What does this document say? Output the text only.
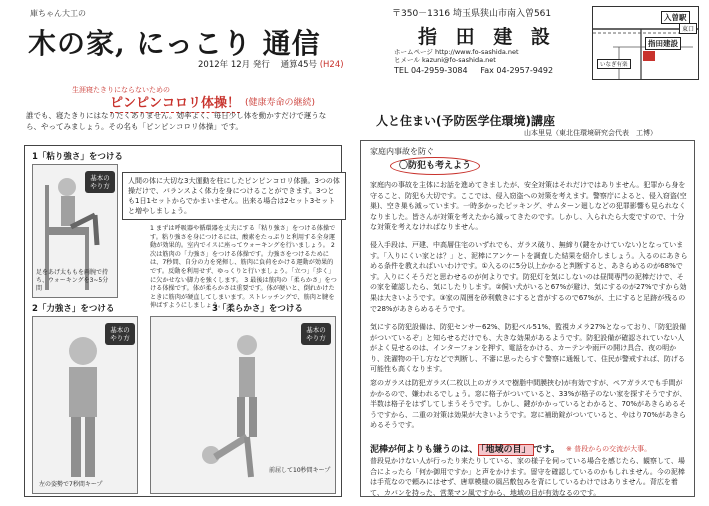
庫ちゃん大工の
木の家, にっこり 通信
2012年 12月 発行 通算45号 (H24)
〒350－1316 埼玉県狭山市南入曽561
指 田 建 設
ホームページ http://www.fo-sashida.net
ヒメール kazuni@fo-sashida.net
TEL 04-2959-3084 Fax 04-2957-9492
入曽駅
東口
指田建設
いなぎ有楽
生涯寝たきりにならないための
ピンピンコロリ体操！ (健康寿命の継続)
誰でも、寝たきりにはなりたくありません。効率よく、毎日少し体を動かすだけで運うなら、やってみましょう。その名も「ピンピンコロリ体操」です。
1「粘り強さ」をつける
基本の やり方
足をあげ太ももを両腕で持ち、ウォーキングを3~5分間
人間の体に大切な3大運動を柱にしたピンピンコロリ体操。3つの体操だけで、バランスよく体力を身につけることができます。3つとも1日1セットからでかまいません。出来る場合は2セット3セットと増やしましょう。
1 まずは呼吸器や循環器を丈夫にする「粘り強さ」をつける体操です。粘り強さを身につけるには、酸素をたっぷりと利用する全身運動が効果的。室内でイスに座ってウォーキングを行いましょう。 2 次は筋肉の「力強さ」をつける体操です。力強さをつけるためには、7秒間、自分の力を発揮し、筋肉に負荷をかける運動が効果的です。反動を利用せず、ゆっくりと行いましょう。「立つ」「歩く」に欠かせない脚力を強くします。 3 最後は筋肉の「柔らかさ」をつける体操です。体が柔らかさは重要です。体が硬いと、倒れかけたときに筋肉が硬直してしまいます。ストレッチングで、筋肉と腱を伸ばすようにしましょう。
2「力強さ」をつける
基本の やり方
左の姿勢で7秒間キープ
3「柔らかさ」をつける
基本の やり方
前屈して10秒間キープ
人と住まい(予防医学住環境)講座
山本里見（東北住環境研究会代表　工博）
家庭内事故を防ぐ
〇防犯も考えよう
家庭内の事故を主体にお話を進めてきましたが、安全対策はそれだけではありません。犯罪から身を守ること、防犯も大切です。ここでは、侵入窃盗への対策を考えます。警察庁によると、侵入窃盗(空巣)、空き巣も減っています。一時多かったピッキング、サムターン廻しなどの犯罪影響も見られなくなりました。皆さんが対策を考えたから減ってきたのです。しかし、入られたら大変ですので、十分な対策を考えなければなりません。
侵入手段は、戸建、中高層住宅のいずれでも、ガラス破り、無締り(鍵をかけていない)となっています。「入りにくい家とは？」と、泥棒にアンケートを調査した結果を紹介しましょう。入るのにあきらめる条件を教えればいいわけです。①入るのに5分以上かかると判断すると、あきらめるのが68%です。入りにくそうだと思わせるのが何よりです。防犯灯を気にしないのは昼間専門の泥棒だけで、その家を確認したら、気にしたりします。②飼い犬がいると67%が避け、気にするのが27%ですから効果は大きいようです。③家の周囲を砂利敷きにすると音がするので67%が、土にすると足跡が残るので28%があきらめるそうです。
気にする防犯設備は、防犯センサー62%、防犯ベル51%、監視カメラ27%となっており、「防犯設備がついているぞ」と知らせるだけでも、大きな効果があるようです。防犯設備が確認されていない人がよく見せるのは、インターフォンを押す、電話をかける、カーテンや雨戸の開け具合、夜の明かり、洗濯物の干し方などで判断し、不審に思ったらすぐ警察に通報して、住民が警戒すれば、防げる可能性も高くなります。
窓のガラスは防犯ガラス(二枚以上のガラスで樹脂中間膜挟む)が有効ですが、ペアガラスでも手間がかかるので、嫌われるでしょう。窓に格子がついていると、33%が格子のない家を探すそうですが、半数は格子をはずしてしまうそうです。しかし、鍵がかかっているとわかると、70%があきらめるそうですから、二重の対策は効果が大きいようです。窓に補助錠がついていると、やはり70%があきらめるそうです。
泥棒が何よりも嫌うのは、 「地域の目」 です。 ※ 普段からの交流が大事。
普段見かけない人が行ったり来たりしている、家の様子を伺っている場合を感じたら、観察して、場合によったら「何か御用ですか」と声をかけます。留守を確認しているのかもしれません。今の泥棒は手荒なので頼みにはせず、唐草模様の風呂敷包みを背にしているわけではありません。背広を着て、カバンを持った、営業マン風ですから、地域の目が有効なるのです。
